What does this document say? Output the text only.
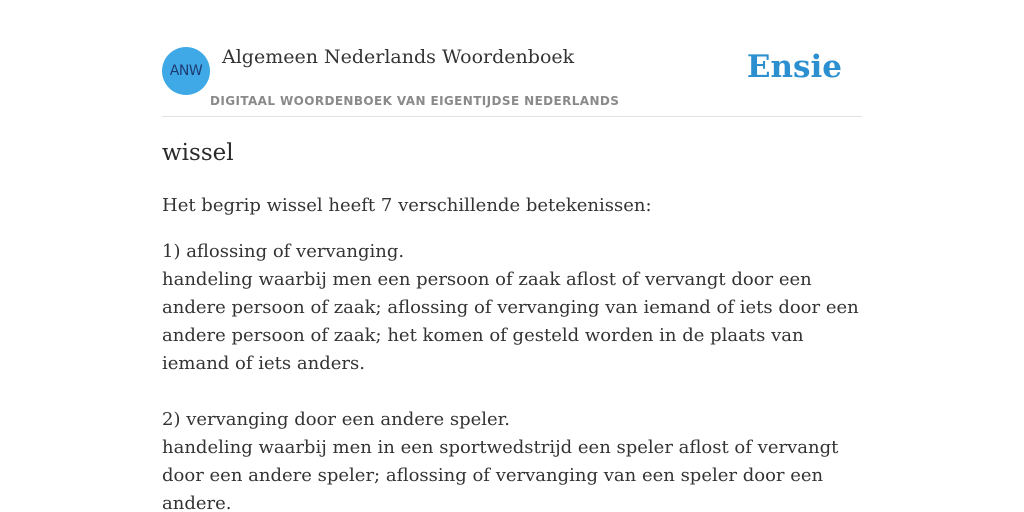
ANW
Algemeen Nederlands Woordenboek
DIGITAAL WOORDENBOEK VAN EIGENTIJDSE NEDERLANDS
Ensie
wissel

Het begrip wissel heeft 7 verschillende betekenissen:

1) aflossing of vervanging.
handeling waarbij men een persoon of zaak aflost of vervangt door een andere persoon of zaak; aflossing of vervanging van iemand of iets door een andere persoon of zaak; het komen of gesteld worden in de plaats van iemand of iets anders.
2) vervanging door een andere speler.
handeling waarbij men in een sportwedstrijd een speler aflost of vervangt door een andere speler; aflossing of vervanging van een speler door een andere.
